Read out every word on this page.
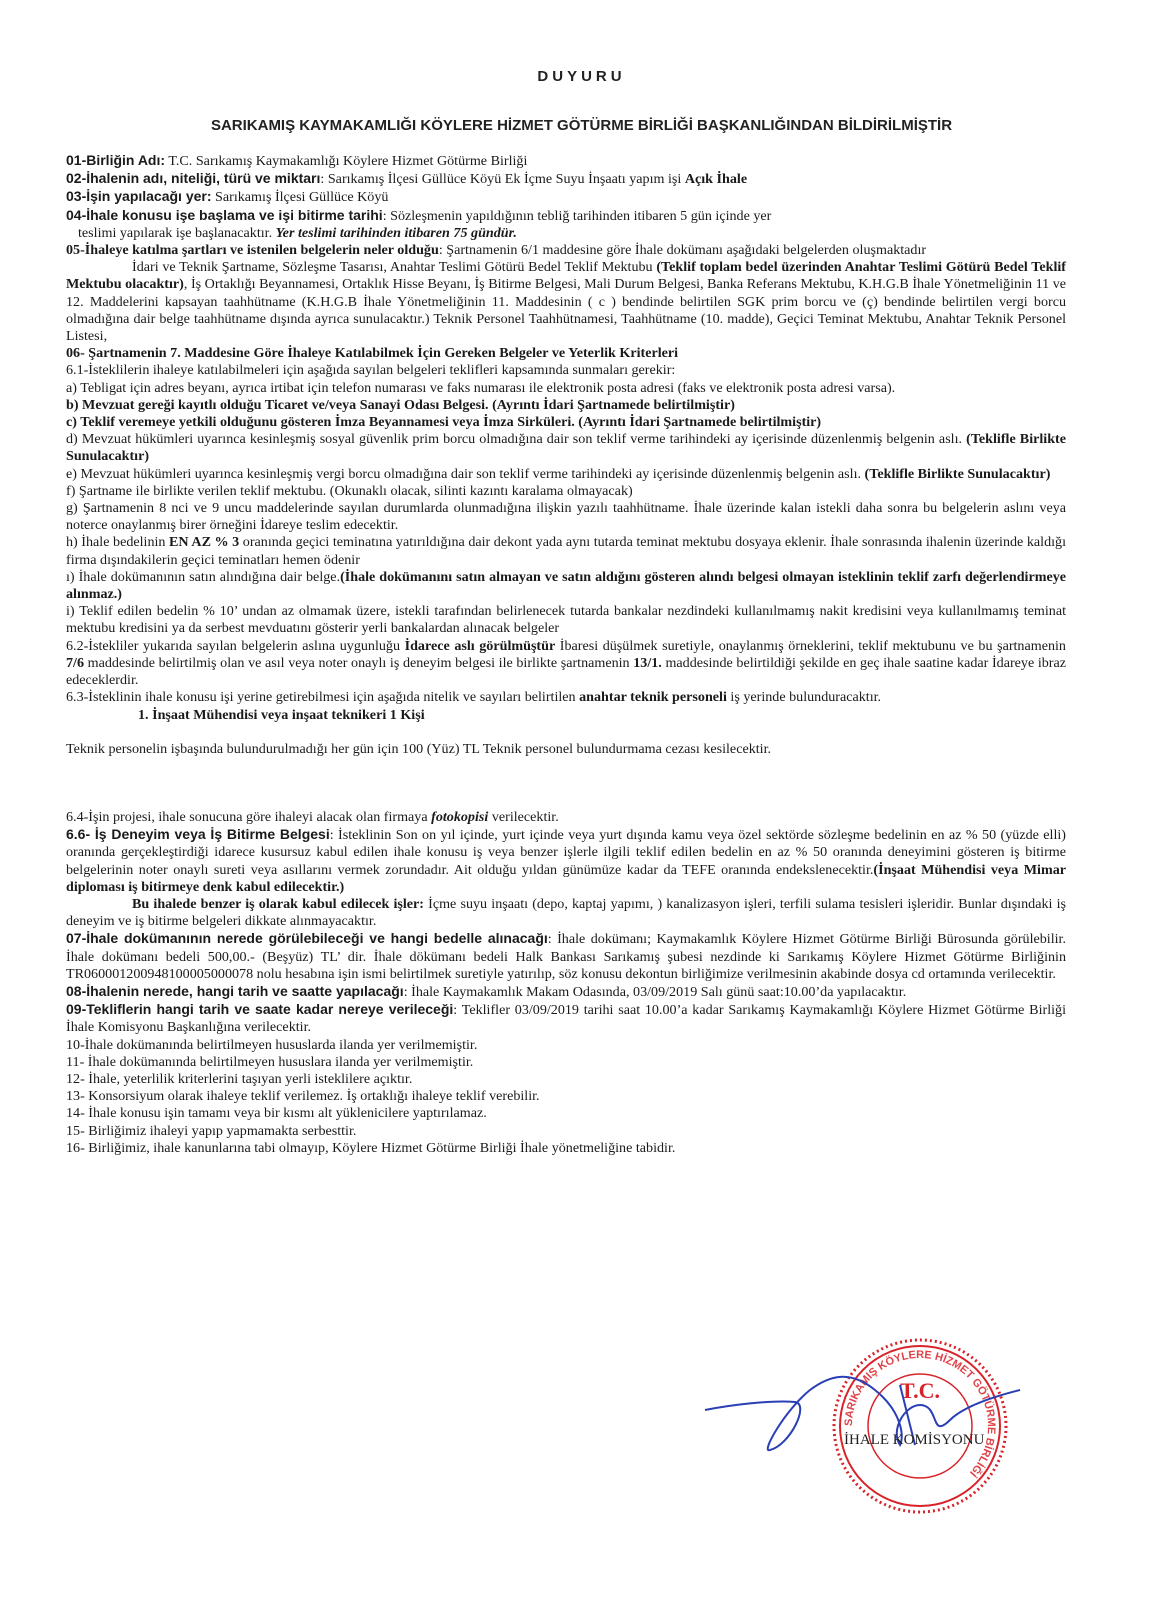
DUYURU
SARIKAMIŞ KAYMAKAMLIĞI KÖYLERE HİZMET GÖTÜRME BİRLİĞİ BAŞKANLIĞINDAN BİLDİRİLMİŞTİR

01-Birliğin Adı: T.C. Sarıkamış Kaymakamlığı Köylere Hizmet Götürme Birliği

02-İhalenin adı, niteliği, türü ve miktarı: Sarıkamış İlçesi Güllüce Köyü Ek İçme Suyu İnşaatı yapım işi Açık İhale

03-İşin yapılacağı yer: Sarıkamış İlçesi Güllüce Köyü

04-İhale konusu işe başlama ve işi bitirme tarihi: Sözleşmenin yapıldığının tebliğ tarihinden itibaren 5 gün içinde yer

teslimi yapılarak işe başlanacaktır. Yer teslimi tarihinden itibaren 75 gündür.

05-İhaleye katılma şartları ve istenilen belgelerin neler olduğu: Şartnamenin 6/1 maddesine göre İhale dokümanı aşağıdaki belgelerden oluşmaktadır

İdari ve Teknik Şartname, Sözleşme Tasarısı, Anahtar Teslimi Götürü Bedel Teklif Mektubu (Teklif toplam bedel üzerinden Anahtar Teslimi Götürü Bedel Teklif Mektubu olacaktır), İş Ortaklığı Beyannamesi, Ortaklık Hisse Beyanı, İş Bitirme Belgesi, Mali Durum Belgesi, Banka Referans Mektubu, K.H.G.B İhale Yönetmeliğinin 11 ve 12. Maddelerini kapsayan taahhütname (K.H.G.B İhale Yönetmeliğinin 11. Maddesinin ( c ) bendinde belirtilen SGK prim borcu ve (ç) bendinde belirtilen vergi borcu olmadığına dair belge taahhütname dışında ayrıca sunulacaktır.) Teknik Personel Taahhütnamesi, Taahhütname (10. madde), Geçici Teminat Mektubu, Anahtar Teknik Personel Listesi,

06- Şartnamenin 7. Maddesine Göre İhaleye Katılabilmek İçin Gereken Belgeler ve Yeterlik Kriterleri

6.1-İsteklilerin ihaleye katılabilmeleri için aşağıda sayılan belgeleri teklifleri kapsamında sunmaları gerekir:

a) Tebligat için adres beyanı, ayrıca irtibat için telefon numarası ve faks numarası ile elektronik posta adresi (faks ve elektronik posta adresi varsa).

b) Mevzuat gereği kayıtlı olduğu Ticaret ve/veya Sanayi Odası Belgesi. (Ayrıntı İdari Şartnamede belirtilmiştir)

c) Teklif veremeye yetkili olduğunu gösteren İmza Beyannamesi veya İmza Sirküleri. (Ayrıntı İdari Şartnamede belirtilmiştir)

d) Mevzuat hükümleri uyarınca kesinleşmiş sosyal güvenlik prim borcu olmadığına dair son teklif verme tarihindeki ay içerisinde düzenlenmiş belgenin aslı. (Teklifle Birlikte Sunulacaktır)

e) Mevzuat hükümleri uyarınca kesinleşmiş vergi borcu olmadığına dair son teklif verme tarihindeki ay içerisinde düzenlenmiş belgenin aslı. (Teklifle Birlikte Sunulacaktır)

f) Şartname ile birlikte verilen teklif mektubu. (Okunaklı olacak, silinti kazıntı karalama olmayacak)

g) Şartnamenin 8 nci ve 9 uncu maddelerinde sayılan durumlarda olunmadığına ilişkin yazılı taahhütname. İhale üzerinde kalan istekli daha sonra bu belgelerin aslını veya noterce onaylanmış birer örneğini İdareye teslim edecektir.

h) İhale bedelinin EN AZ % 3 oranında geçici teminatına yatırıldığına dair dekont yada aynı tutarda teminat mektubu dosyaya eklenir. İhale sonrasında ihalenin üzerinde kaldığı firma dışındakilerin geçici teminatları hemen ödenir

ı) İhale dokümanının satın alındığına dair belge.(İhale dokümanını satın almayan ve satın aldığını gösteren alındı belgesi olmayan isteklinin teklif zarfı değerlendirmeye alınmaz.)

i) Teklif edilen bedelin % 10’ undan az olmamak üzere, istekli tarafından belirlenecek tutarda bankalar nezdindeki kullanılmamış nakit kredisini veya kullanılmamış teminat mektubu kredisini ya da serbest mevduatını gösterir yerli bankalardan alınacak belgeler

6.2-İstekliler yukarıda sayılan belgelerin aslına uygunluğu İdarece aslı görülmüştür İbaresi düşülmek suretiyle, onaylanmış örneklerini, teklif mektubunu ve bu şartnamenin 7/6 maddesinde belirtilmiş olan ve asıl veya noter onaylı iş deneyim belgesi ile birlikte şartnamenin 13/1. maddesinde belirtildiği şekilde en geç ihale saatine kadar İdareye ibraz edeceklerdir.

6.3-İsteklinin ihale konusu işi yerine getirebilmesi için aşağıda nitelik ve sayıları belirtilen anahtar teknik personeli iş yerinde bulunduracaktır.

1. İnşaat Mühendisi veya inşaat teknikeri 1 Kişi

Teknik personelin işbaşında bulundurulmadığı her gün için 100 (Yüz) TL Teknik personel bulundurmama cezası kesilecektir.

6.4-İşin projesi, ihale sonucuna göre ihaleyi alacak olan firmaya fotokopisi verilecektir.

6.6- İş Deneyim veya İş Bitirme Belgesi: İsteklinin Son on yıl içinde, yurt içinde veya yurt dışında kamu veya özel sektörde sözleşme bedelinin en az % 50 (yüzde elli) oranında gerçekleştirdiği idarece kusursuz kabul edilen ihale konusu iş veya benzer işlerle ilgili teklif edilen bedelin en az % 50 oranında deneyimini gösteren iş bitirme belgelerinin noter onaylı sureti veya asıllarını vermek zorundadır. Ait olduğu yıldan günümüze kadar da TEFE oranında endekslenecektir.(İnşaat Mühendisi veya Mimar diploması iş bitirmeye denk kabul edilecektir.)

Bu ihalede benzer iş olarak kabul edilecek işler: İçme suyu inşaatı (depo, kaptaj yapımı, ) kanalizasyon işleri, terfili sulama tesisleri işleridir. Bunlar dışındaki iş deneyim ve iş bitirme belgeleri dikkate alınmayacaktır.

07-İhale dokümanının nerede görülebileceği ve hangi bedelle alınacağı: İhale dokümanı; Kaymakamlık Köylere Hizmet Götürme Birliği Bürosunda görülebilir. İhale dokümanı bedeli 500,00.- (Beşyüz) TL’ dir. İhale dökümanı bedeli Halk Bankası Sarıkamış şubesi nezdinde ki Sarıkamış Köylere Hizmet Götürme Birliğinin TR060001200948100005000078 nolu hesabına işin ismi belirtilmek suretiyle yatırılıp, söz konusu dekontun birliğimize verilmesinin akabinde dosya cd ortamında verilecektir.

08-İhalenin nerede, hangi tarih ve saatte yapılacağı: İhale Kaymakamlık Makam Odasında, 03/09/2019 Salı günü saat:10.00’da yapılacaktır.

09-Tekliflerin hangi tarih ve saate kadar nereye verileceği: Teklifler 03/09/2019 tarihi saat 10.00’a kadar Sarıkamış Kaymakamlığı Köylere Hizmet Götürme Birliği İhale Komisyonu Başkanlığına verilecektir.

10-İhale dokümanında belirtilmeyen hususlarda ilanda yer verilmemiştir.

11- İhale dokümanında belirtilmeyen hususlara ilanda yer verilmemiştir.

12- İhale, yeterlilik kriterlerini taşıyan yerli isteklilere açıktır.

13- Konsorsiyum olarak ihaleye teklif verilemez. İş ortaklığı ihaleye teklif verebilir.

14- İhale konusu işin tamamı veya bir kısmı alt yüklenicilere yaptırılamaz.

15- Birliğimiz ihaleyi yapıp yapmamakta serbesttir.

16- Birliğimiz, ihale kanunlarına tabi olmayıp, Köylere Hizmet Götürme Birliği İhale yönetmeliğine tabidir.

SARIKAMIŞ KÖYLERE HİZMET GÖTÜRME BİRLİĞİ
T.C.
İHALE KOMİSYONU
